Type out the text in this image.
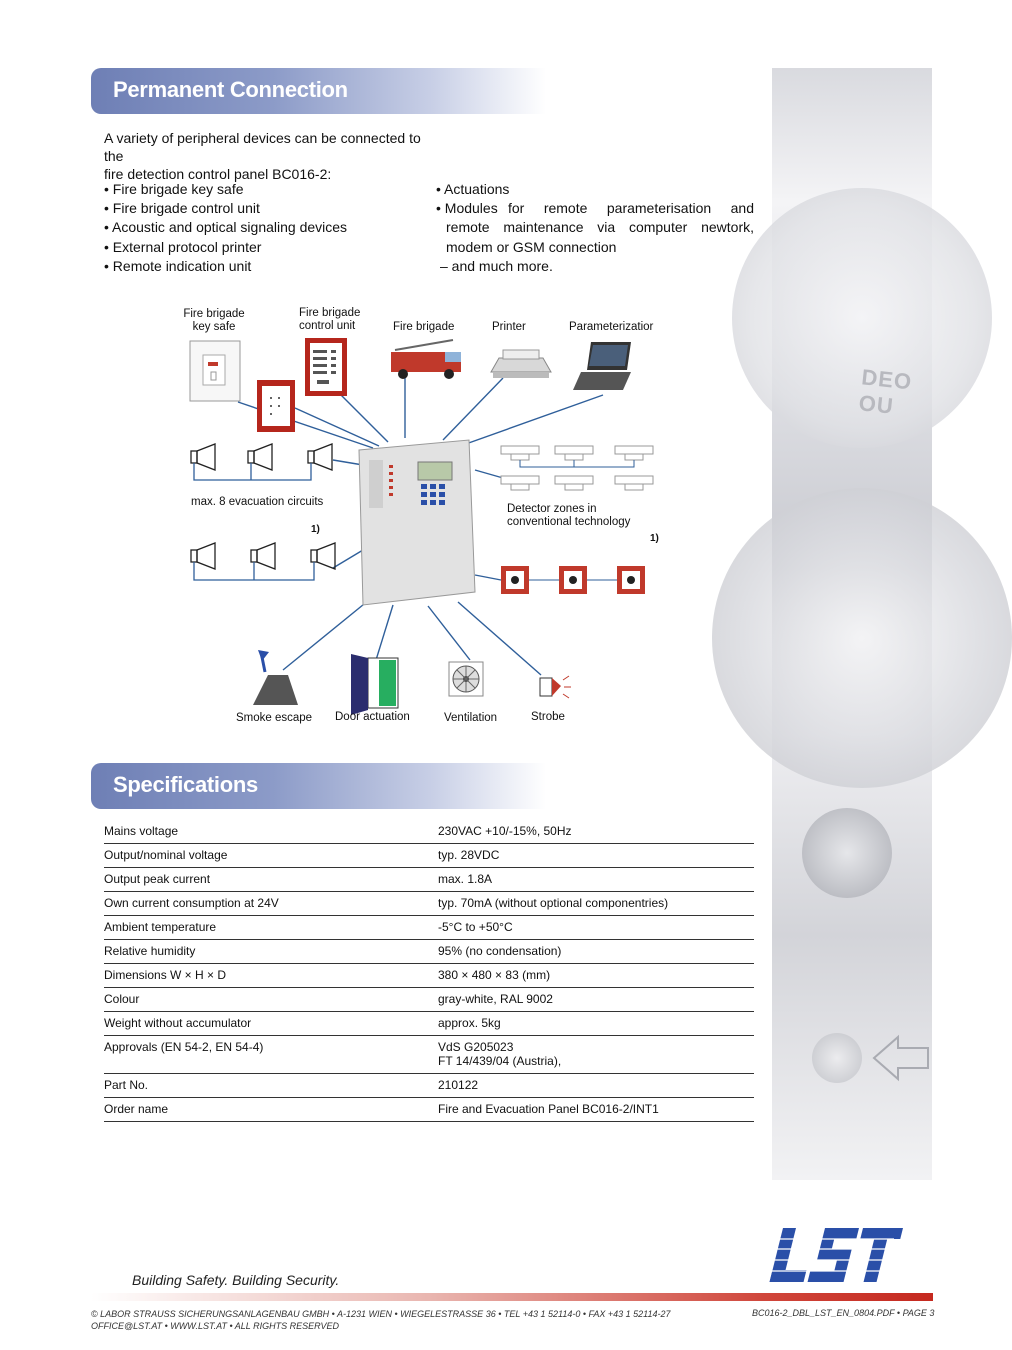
DEO OU
Permanent Connection
A variety of peripheral devices can be connected to the
fire detection control panel BC016-2:
• Fire brigade key safe
• Fire brigade control unit
• Acoustic and optical signaling devices
• External protocol printer
• Remote indication unit
• Actuations
• Modules for remote parameterisation and remote maintenance via computer newtork, modem or GSM connection
– and much more.
Fire brigade
key safe
Fire brigade
control unit	Fire brigade	Printer	Parameterizatior
max. 8 evacuation circuits
1)
Detector zones in
conventional technology
1)
Smoke escape Door actuation	Ventilation	Strobe
Specifications
Mains voltage	230VAC +10/-15%, 50Hz
Output/nominal voltage	typ. 28VDC
Output peak current	max. 1.8A
Own current consumption at 24V	typ. 70mA (without optional componentries)
Ambient temperature	-5°C to +50°C
Relative humidity	95% (no condensation)
Dimensions W × H × D	380 × 480 × 83 (mm)
Colour	gray-white, RAL 9002
Weight without accumulator	approx. 5kg
Approvals (EN 54-2, EN 54-4)	VdS G205023
FT 14/439/04 (Austria),

Part No.	210122
Order name	Fire and Evacuation Panel BC016-2/INT1
LST
Building Safety. Building Security.
© LABOR STRAUSS SICHERUNGSANLAGENBAU GMBH • A-1231 WIEN • WIEGELESTRASSE 36 • TEL +43 1 52114-0 • FAX +43 1 52114-27
OFFICE@LST.AT • WWW.LST.AT • ALL RIGHTS RESERVED
BC016-2_DBL_LST_EN_0804.PDF • PAGE 3
